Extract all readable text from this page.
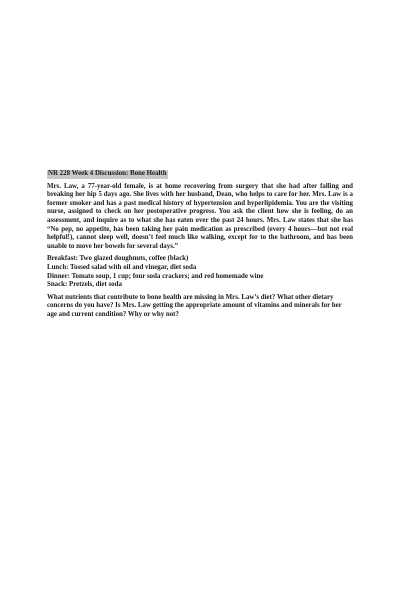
NR 228 Week 4 Discussion: Bone Health

Mrs. Law, a 77-year-old female, is at home recovering from surgery that she had after falling and breaking her hip 5 days ago. She lives with her husband, Dean, who helps to care for her. Mrs. Law is a former smoker and has a past medical history of hypertension and hyperlipidemia. You are the visiting nurse, assigned to check on her postoperative progress. You ask the client how she is feeling, do an assessment, and inquire as to what she has eaten over the past 24 hours. Mrs. Law states that she has “No pep, no appetite, has been taking her pain medication as prescribed (every 4 hours—but not real helpful!), cannot sleep well, doesn’t feel much like walking, except for to the bathroom, and has been unable to move her bowels for several days.”

Breakfast: Two glazed doughnuts, coffee (black)
Lunch: Tossed salad with oil and vinegar, diet soda
Dinner: Tomato soup, 1 cup; four soda crackers; and red homemade wine
Snack: Pretzels, diet soda

What nutrients that contribute to bone health are missing in Mrs. Law’s diet? What other dietary concerns do you have? Is Mrs. Law getting the appropriate amount of vitamins and minerals for her age and current condition? Why or why not?
